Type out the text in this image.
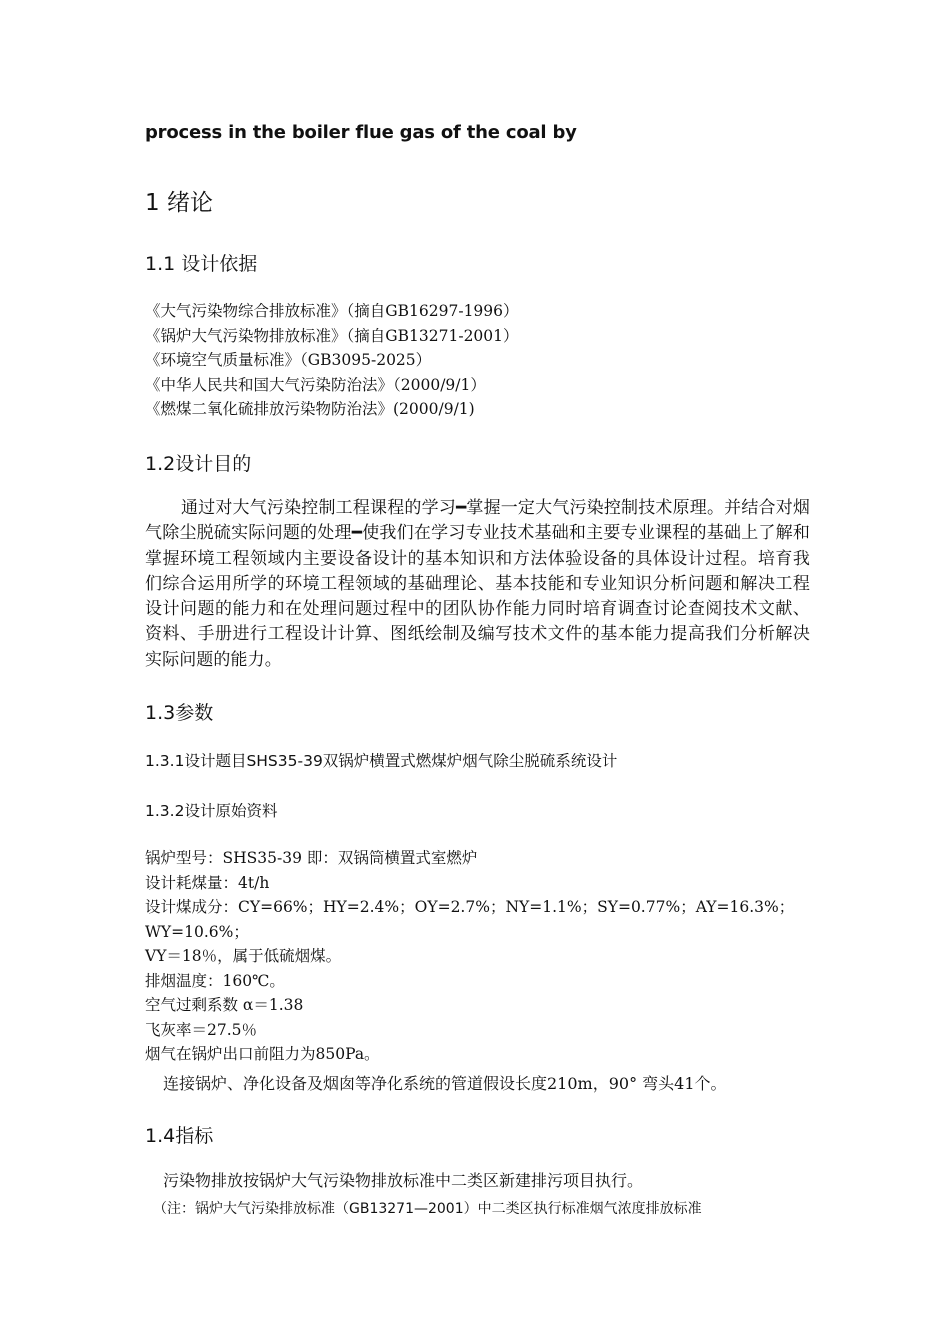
process in the boiler flue gas of the coal by
1 绪论
1.1 设计依据
《大气污染物综合排放标准》（摘自GB16297-1996）
《锅炉大气污染物排放标准》（摘自GB13271-2001）
《环境空气质量标准》（GB3095-2025）
《中华人民共和国大气污染防治法》（2000/9/1）
《燃煤二氧化硫排放污染物防治法》(2000/9/1)
1.2设计目的

通过对大气污染控制工程课程的学习━掌握一定大气污染控制技术原理。并结合对烟气除尘脱硫实际问题的处理━使我们在学习专业技术基础和主要专业课程的基础上了解和掌握环境工程领域内主要设备设计的基本知识和方法体验设备的具体设计过程。培育我们综合运用所学的环境工程领域的基础理论、基本技能和专业知识分析问题和解决工程设计问题的能力和在处理问题过程中的团队协作能力同时培育调查讨论查阅技术文献、资料、手册进行工程设计计算、图纸绘制及编写技术文件的基本能力提高我们分析解决实际问题的能力。

1.3参数
1.3.1设计题目SHS35-39双锅炉横置式燃煤炉烟气除尘脱硫系统设计
1.3.2设计原始资料
锅炉型号：SHS35-39 即：双锅筒横置式室燃炉
设计耗煤量：4t/h
设计煤成分：CY=66%；HY=2.4%；OY=2.7%；NY=1.1%；SY=0.77%；AY=16.3%；
WY=10.6%；
VY＝18％，属于低硫烟煤。
排烟温度：160℃。
空气过剩系数 α＝1.38
飞灰率＝27.5％
烟气在锅炉出口前阻力为850Pa。
连接锅炉、净化设备及烟囱等净化系统的管道假设长度210m，90° 弯头41个。
1.4指标
污染物排放按锅炉大气污染物排放标准中二类区新建排污项目执行。
（注：锅炉大气污染排放标准（GB13271—2001）中二类区执行标准烟气浓度排放标准
